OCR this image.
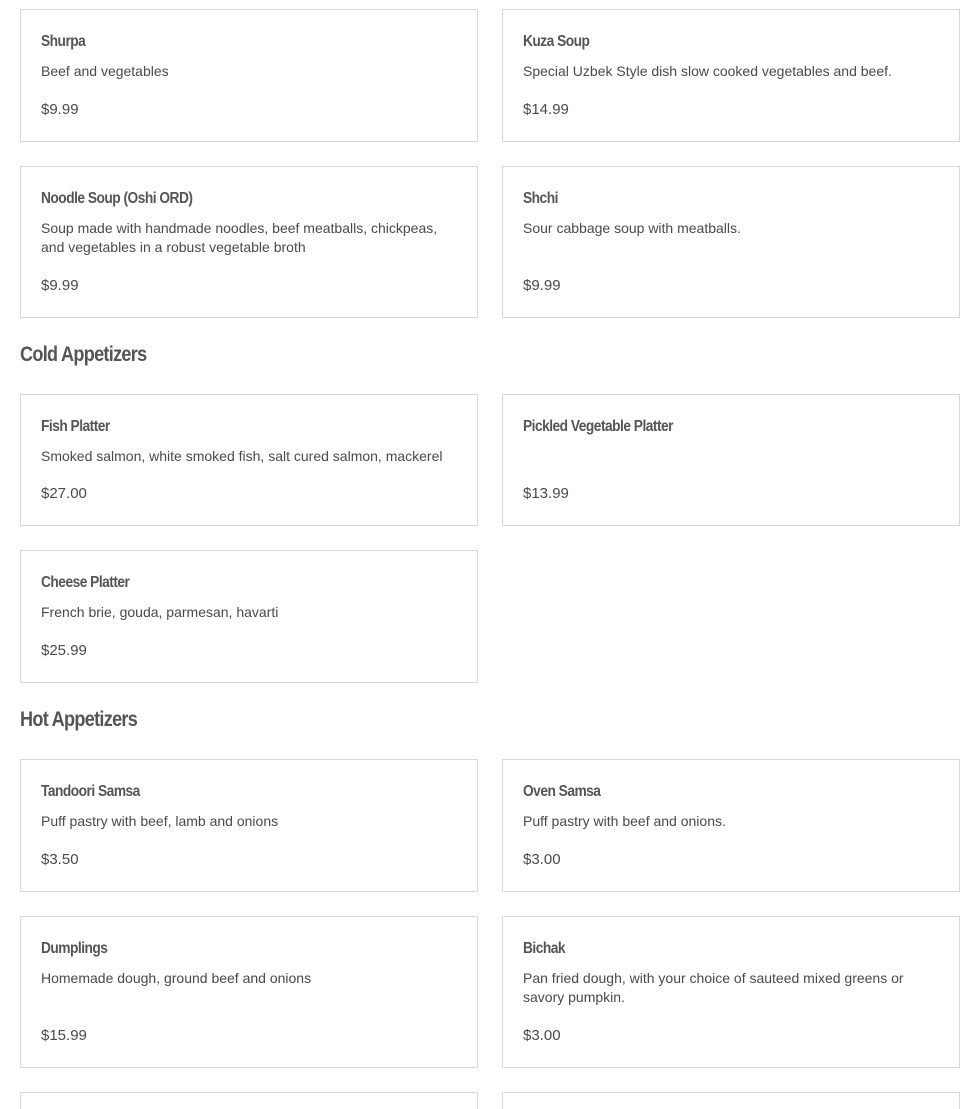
Shurpa
Beef and vegetables
$9.99
Kuza Soup
Special Uzbek Style dish slow cooked vegetables and beef.
$14.99
Noodle Soup (Oshi ORD)
Soup made with handmade noodles, beef meatballs, chickpeas, and vegetables in a robust vegetable broth
$9.99
Shchi
Sour cabbage soup with meatballs.
$9.99
Cold Appetizers
Fish Platter
Smoked salmon, white smoked fish, salt cured salmon, mackerel
$27.00
Pickled Vegetable Platter
$13.99
Cheese Platter
French brie, gouda, parmesan, havarti
$25.99
Hot Appetizers
Tandoori Samsa
Puff pastry with beef, lamb and onions
$3.50
Oven Samsa
Puff pastry with beef and onions.
$3.00
Dumplings
Homemade dough, ground beef and onions
$15.99
Bichak
Pan fried dough, with your choice of sauteed mixed greens or savory pumpkin.
$3.00
